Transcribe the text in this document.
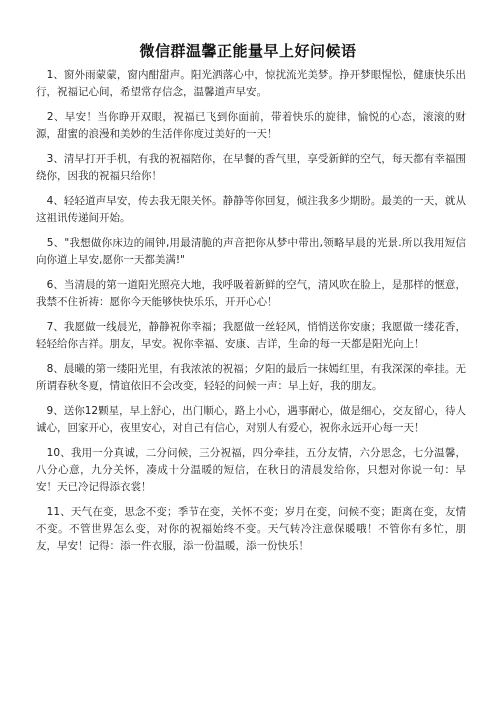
微信群温馨正能量早上好问候语

　1、窗外雨蒙蒙，窗内酣甜声。阳光洒落心中，惊扰流光美梦。挣开梦眼惺忪，健康快乐出行，祝福记心间，希望常存信念，温馨道声早安。

　2、早安！当你睁开双眼，祝福已飞到你面前，带着快乐的旋律，愉悦的心态，滚滚的财源，甜蜜的浪漫和美妙的生活伴你度过美好的一天！

　3、清早打开手机，有我的祝福陪你，在早餐的香气里，享受新鲜的空气，每天都有幸福围绕你，因我的祝福只给你！

　4、轻轻道声早安，传去我无限关怀。静静等你回复，倾注我多少期盼。最美的一天，就从这祖讯传递间开始。

　5、"我想做你床边的闹钟,用最清脆的声音把你从梦中带出,领略早晨的光景.所以我用短信向你道上早安,愿你一天都美满!"

　6、当清晨的第一道阳光照亮大地，我呼吸着新鲜的空气，清风吹在脸上，是那样的惬意，我禁不住祈祷：愿你今天能够快快乐乐，开开心心！

　7、我愿做一线晨光，静静祝你幸福；我愿做一丝轻风，悄悄送你安康；我愿做一缕花香，轻轻给你吉祥。朋友，早安。祝你幸福、安康、吉详，生命的每一天都是阳光向上！

　8、晨曦的第一缕阳光里，有我浓浓的祝福；夕阳的最后一抹嫣红里，有我深深的牵挂。无所谓春秋冬夏，情谊依旧不会改变，轻轻的问候一声：早上好，我的朋友。

　9、送你12颗星，早上舒心，出门顺心，路上小心，遇事耐心，做是细心，交友留心，待人诚心，回家开心，夜里安心，对自己有信心，对别人有爱心，祝你永远开心每一天！

　10、我用一分真诚，二分问候，三分祝福，四分牵挂，五分友情，六分思念，七分温馨，八分心意，九分关怀，凑成十分温暖的短信，在秋日的清晨发给你，只想对你说一句：早安！天已冷记得添衣裳！

　11、天气在变，思念不变；季节在变，关怀不变；岁月在变，问候不变；距离在变，友情不变。不管世界怎么变，对你的祝福始终不变。天气转冷注意保暖哦！不管你有多忙，朋友，早安！记得：添一件衣服，添一份温暖，添一份快乐！
